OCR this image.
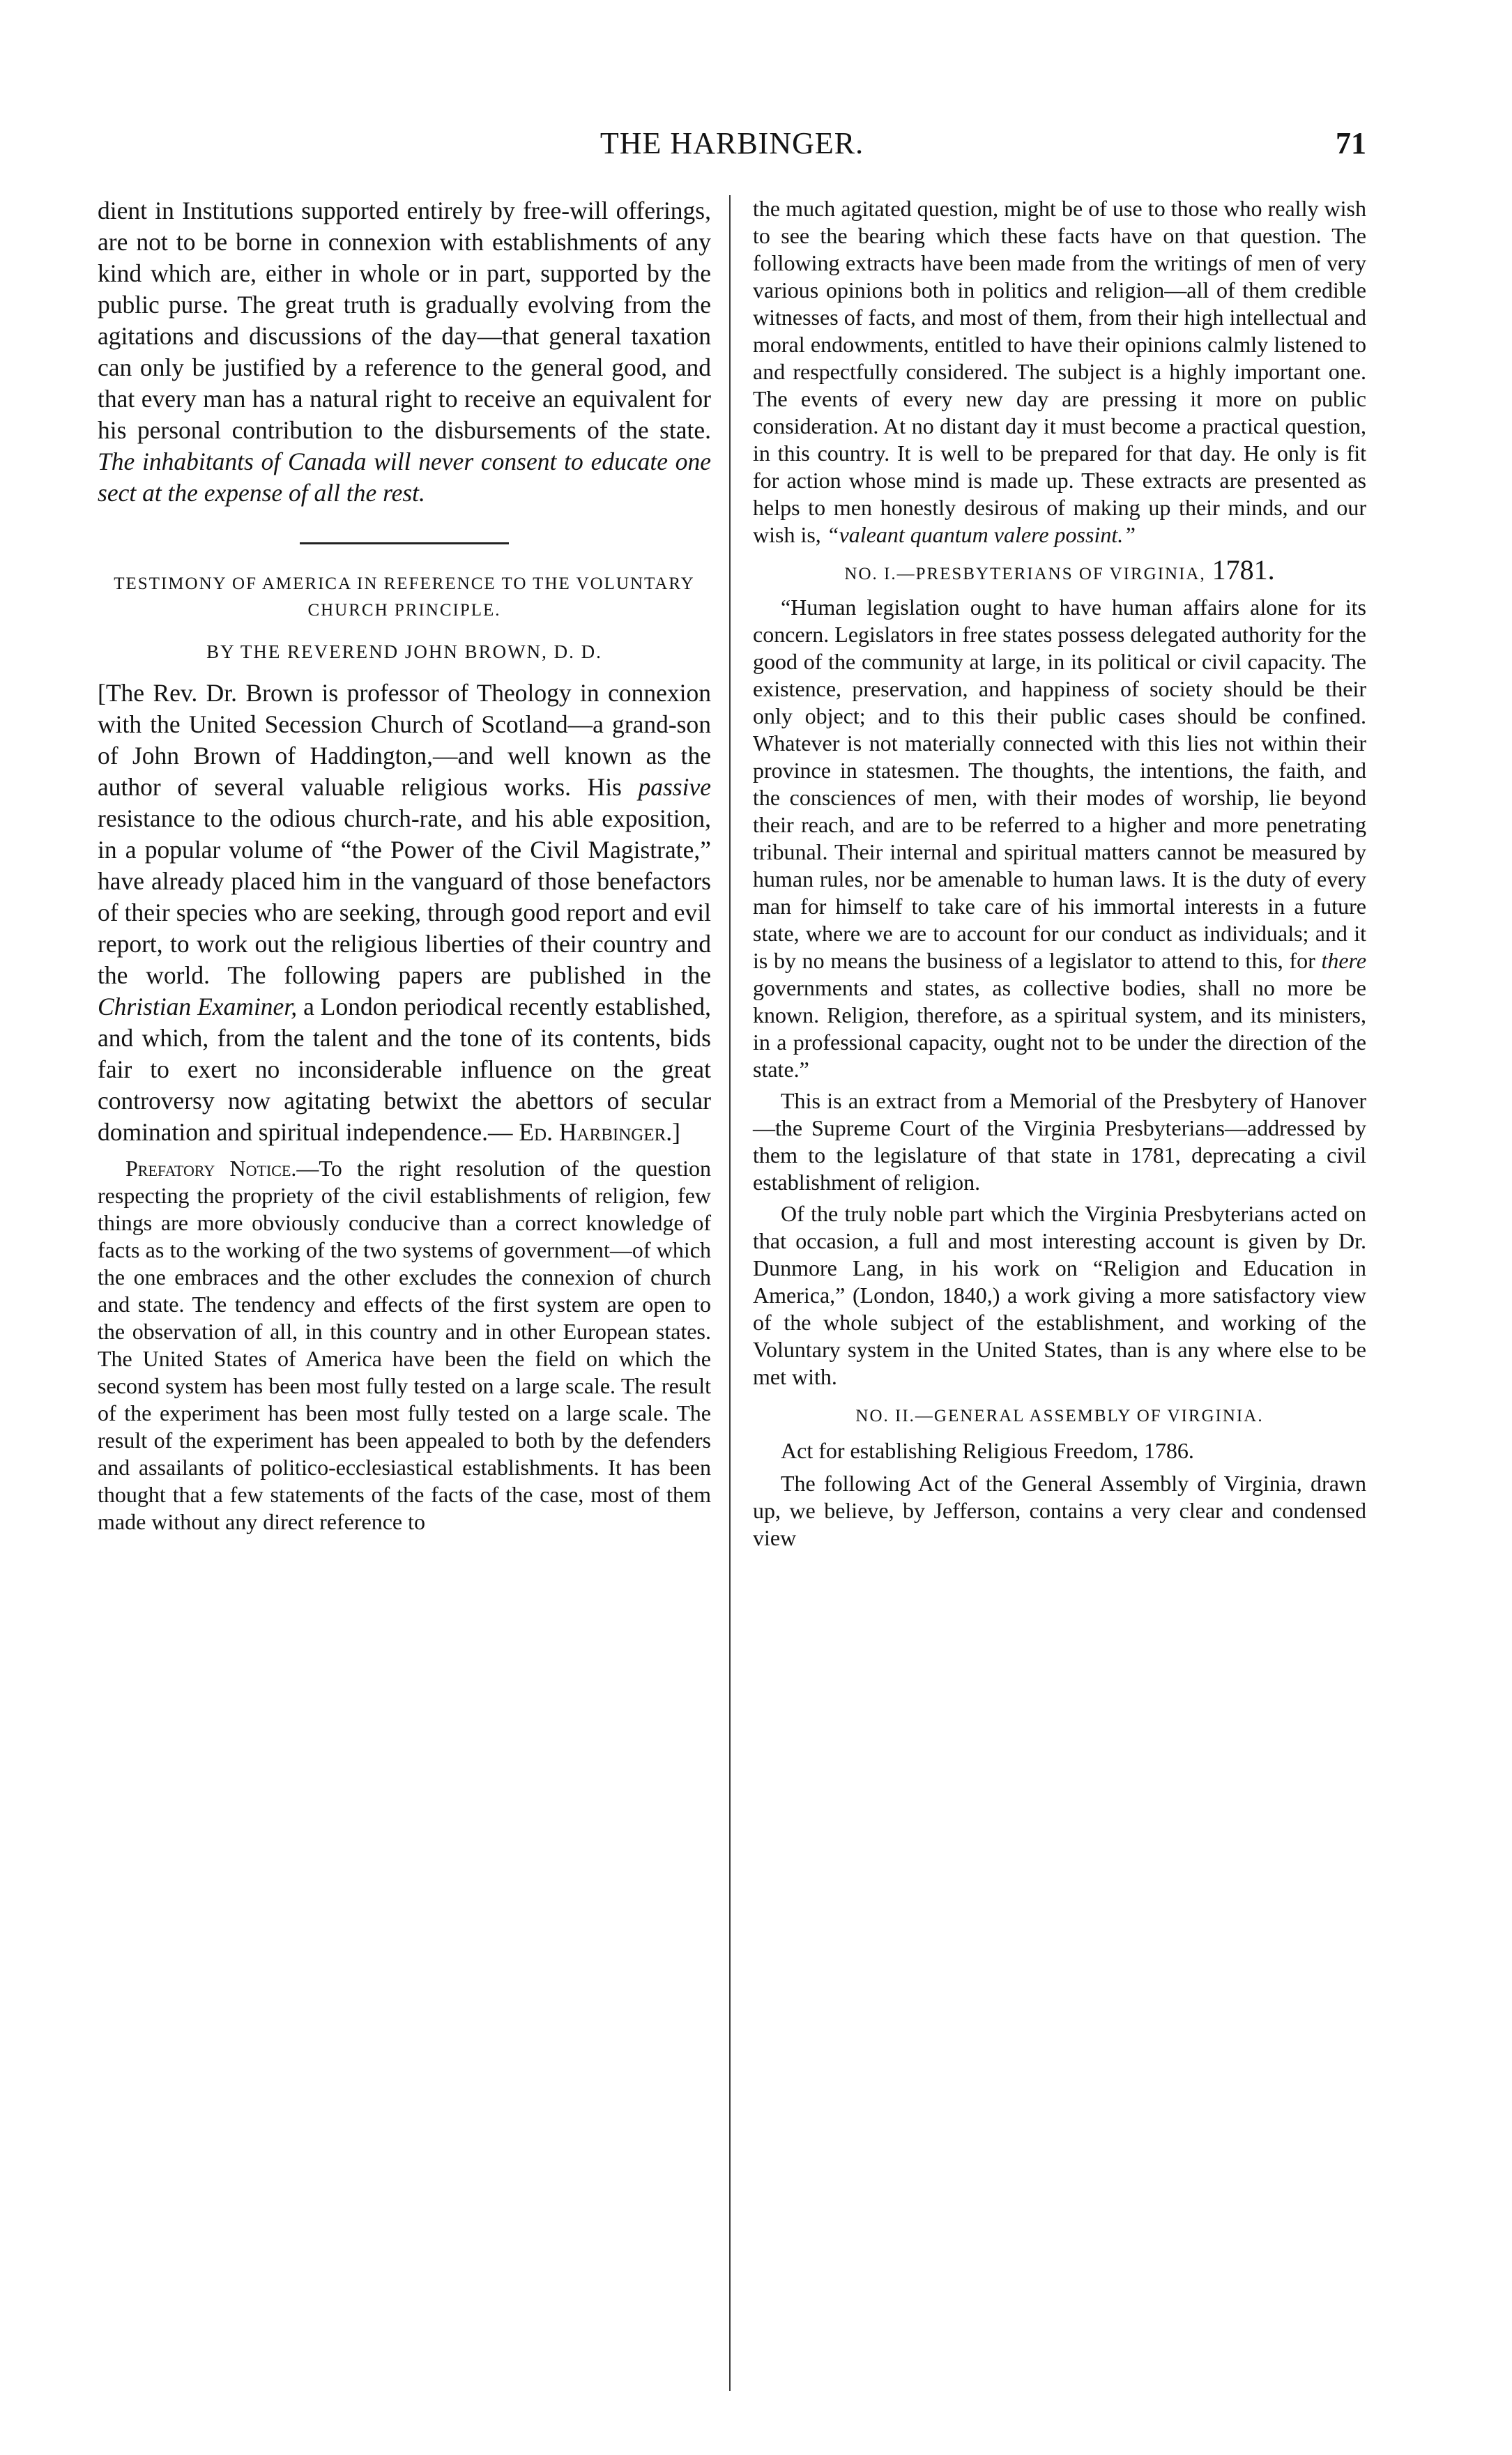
THE HARBINGER.	71

dient in Institutions supported entirely by free-will offerings, are not to be borne in connexion with establishments of any kind which are, either in whole or in part, supported by the public purse. The great truth is gradually evolving from the agitations and discussions of the day—that general taxation can only be justified by a reference to the general good, and that every man has a natural right to receive an equivalent for his personal contribution to the disbursements of the state. The inhabitants of Canada will never consent to educate one sect at the expense of all the rest.

TESTIMONY OF AMERICA IN REFERENCE TO THE VOLUNTARY CHURCH PRINCIPLE.
BY THE REVEREND JOHN BROWN, D. D.

[The Rev. Dr. Brown is professor of Theology in connexion with the United Secession Church of Scotland—a grand-son of John Brown of Haddington,—and well known as the author of several valuable religious works. His passive resistance to the odious church-rate, and his able exposition, in a popular volume of “the Power of the Civil Magistrate,” have already placed him in the vanguard of those benefactors of their species who are seeking, through good report and evil report, to work out the religious liberties of their country and the world. The following papers are published in the Christian Examiner, a London periodical recently established, and which, from the talent and the tone of its contents, bids fair to exert no inconsiderable influence on the great controversy now agitating betwixt the abettors of secular domination and spiritual independence.— Ed. Harbinger.]

Prefatory Notice.—To the right resolution of the question respecting the propriety of the civil establishments of religion, few things are more obviously conducive than a correct knowledge of facts as to the working of the two systems of government—of which the one embraces and the other excludes the connexion of church and state. The tendency and effects of the first system are open to the observation of all, in this country and in other European states. The United States of America have been the field on which the second system has been most fully tested on a large scale. The result of the experiment has been most fully tested on a large scale. The result of the experiment has been appealed to both by the defenders and assailants of politico-ecclesiastical establishments. It has been thought that a few statements of the facts of the case, most of them made without any direct reference to

the much agitated question, might be of use to those who really wish to see the bearing which these facts have on that question. The following extracts have been made from the writings of men of very various opinions both in politics and religion—all of them credible witnesses of facts, and most of them, from their high intellectual and moral endowments, entitled to have their opinions calmly listened to and respectfully considered. The subject is a highly important one. The events of every new day are pressing it more on public consideration. At no distant day it must become a practical question, in this country. It is well to be prepared for that day. He only is fit for action whose mind is made up. These extracts are presented as helps to men honestly desirous of making up their minds, and our wish is, “valeant quantum valere possint.”

NO. I.—PRESBYTERIANS OF VIRGINIA, 1781.

“Human legislation ought to have human affairs alone for its concern. Legislators in free states possess delegated authority for the good of the community at large, in its political or civil capacity. The existence, preservation, and happiness of society should be their only object; and to this their public cases should be confined. Whatever is not materially connected with this lies not within their province in statesmen. The thoughts, the intentions, the faith, and the consciences of men, with their modes of worship, lie beyond their reach, and are to be referred to a higher and more penetrating tribunal. Their internal and spiritual matters cannot be measured by human rules, nor be amenable to human laws. It is the duty of every man for himself to take care of his immortal interests in a future state, where we are to account for our conduct as individuals; and it is by no means the business of a legislator to attend to this, for there governments and states, as collective bodies, shall no more be known. Religion, therefore, as a spiritual system, and its ministers, in a professional capacity, ought not to be under the direction of the state.”

This is an extract from a Memorial of the Presbytery of Hanover—the Supreme Court of the Virginia Presbyterians—addressed by them to the legislature of that state in 1781, deprecating a civil establishment of religion.

Of the truly noble part which the Virginia Presbyterians acted on that occasion, a full and most interesting account is given by Dr. Dunmore Lang, in his work on “Religion and Education in America,” (London, 1840,) a work giving a more satisfactory view of the whole subject of the establishment, and working of the Voluntary system in the United States, than is any where else to be met with.

NO. II.—GENERAL ASSEMBLY OF VIRGINIA.

Act for establishing Religious Freedom, 1786.

The following Act of the General Assembly of Virginia, drawn up, we believe, by Jefferson, contains a very clear and condensed view
